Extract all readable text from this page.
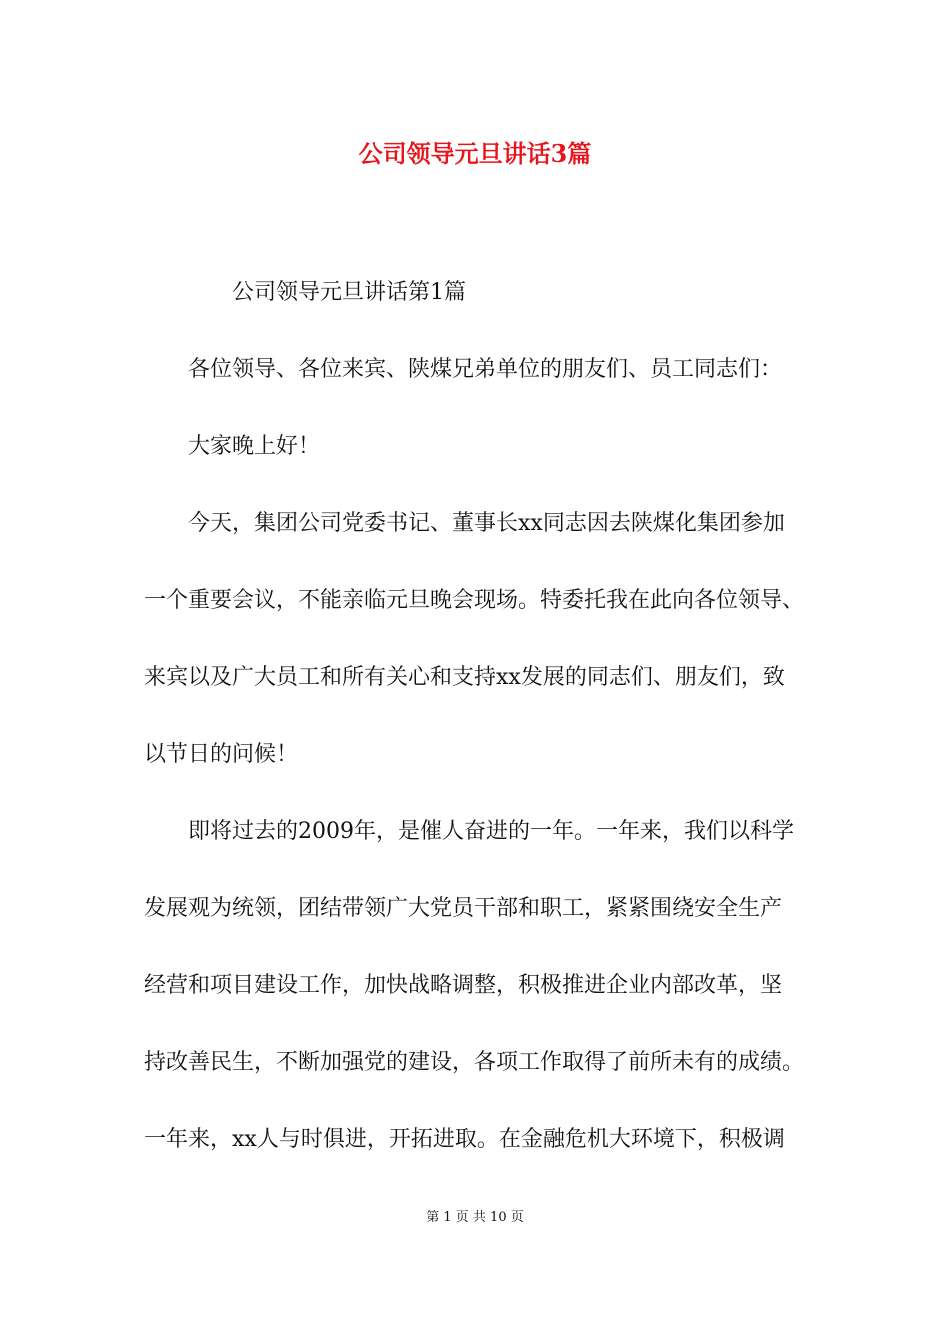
公司领导元旦讲话3篇

公司领导元旦讲话第1篇

各位领导、各位来宾、陕煤兄弟单位的朋友们、员工同志们：

大家晚上好！

今天，集团公司党委书记、董事长xx同志因去陕煤化集团参加

一个重要会议，不能亲临元旦晚会现场。特委托我在此向各位领导、

来宾以及广大员工和所有关心和支持xx发展的同志们、朋友们，致

以节日的问候！

即将过去的2009年，是催人奋进的一年。一年来，我们以科学

发展观为统领，团结带领广大党员干部和职工，紧紧围绕安全生产

经营和项目建设工作，加快战略调整，积极推进企业内部改革，坚

持改善民生，不断加强党的建设，各项工作取得了前所未有的成绩。

一年来，xx人与时俱进，开拓进取。在金融危机大环境下，积极调

第 1 页 共 10 页
